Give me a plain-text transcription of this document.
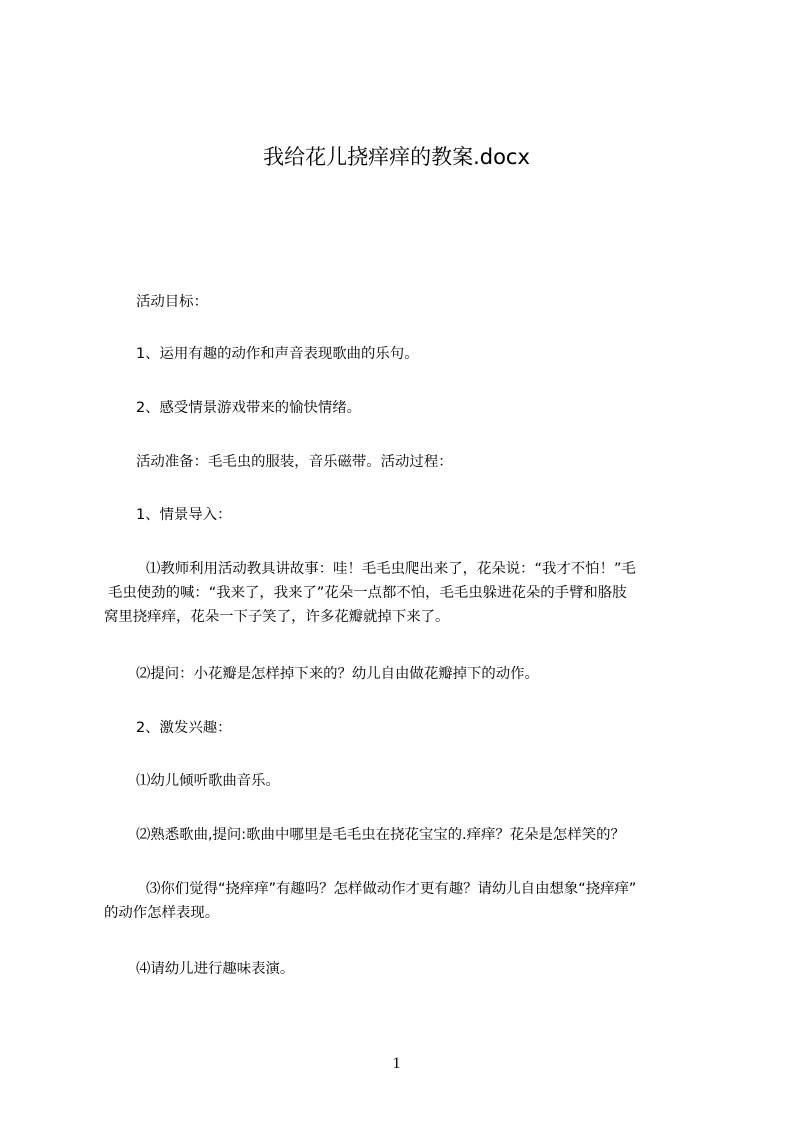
我给花儿挠痒痒的教案.docx
活动目标：
1、运用有趣的动作和声音表现歌曲的乐句。
2、感受情景游戏带来的愉快情绪。
活动准备：毛毛虫的服装，音乐磁带。活动过程：
1、情景导入：
⑴教师利用活动教具讲故事：哇！毛毛虫爬出来了，花朵说：“我才不怕！”毛
毛虫使劲的喊：“我来了，我来了”花朵一点都不怕，毛毛虫躲进花朵的手臂和胳肢
窝里挠痒痒，花朵一下子笑了，许多花瓣就掉下来了。
⑵提问：小花瓣是怎样掉下来的？幼儿自由做花瓣掉下的动作。
2、激发兴趣：
⑴幼儿倾听歌曲音乐。
⑵熟悉歌曲,提问:歌曲中哪里是毛毛虫在挠花宝宝的.痒痒？花朵是怎样笑的？
⑶你们觉得“挠痒痒”有趣吗？怎样做动作才更有趣？请幼儿自由想象“挠痒痒”
的动作怎样表现。
⑷请幼儿进行趣味表演。
1
